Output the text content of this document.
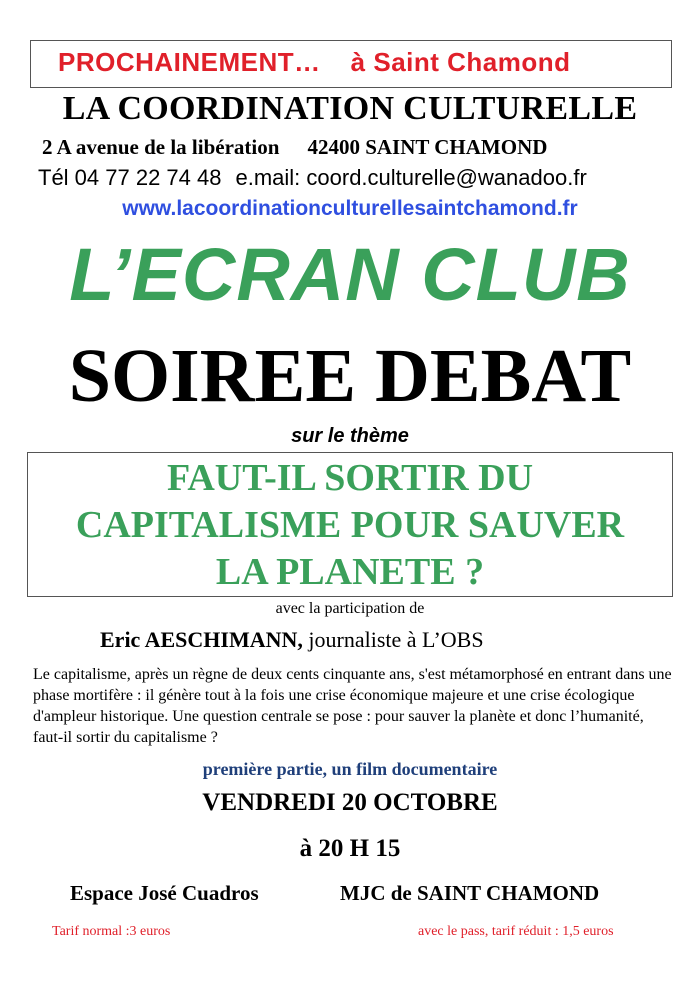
PROCHAINEMENT… à Saint Chamond
LA COORDINATION CULTURELLE
2 A avenue de la libération 42400 SAINT CHAMOND
Tél 04 77 22 74 48 e.mail: coord.culturelle@wanadoo.fr
www.lacoordinationculturellesaintchamond.fr
L’ECRAN CLUB
SOIREE DEBAT
sur le thème
FAUT-IL SORTIR DU
CAPITALISME POUR SAUVER
LA PLANETE ?
avec la participation de
Eric AESCHIMANN, journaliste à L’OBS
Le capitalisme, après un règne de deux cents cinquante ans, s'est métamorphosé en entrant dans une phase mortifère : il génère tout à la fois une crise économique majeure et une crise écologique d'ampleur historique. Une question centrale se pose : pour sauver la planète et donc l’humanité, faut-il sortir du capitalisme ?
première partie, un film documentaire
VENDREDI 20 OCTOBRE
à 20 H 15
Espace José Cuadros	MJC de SAINT CHAMOND
Tarif normal :3 euros	avec le pass, tarif réduit : 1,5 euros
